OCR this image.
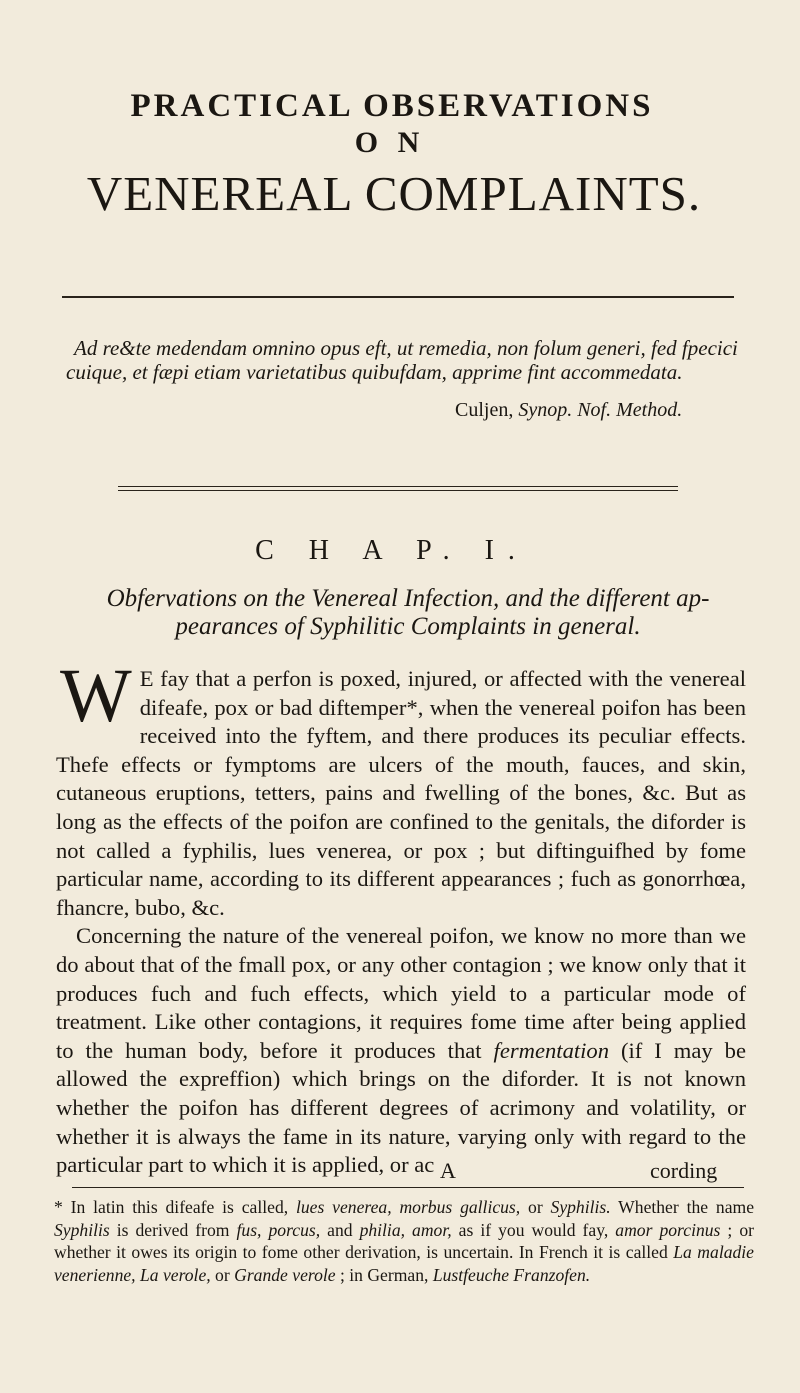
PRACTICAL OBSERVATIONS
O N
VENEREAL COMPLAINTS.
Ad re&te medendam omnino opus eft, ut remedia, non folum generi, fed fpecici cuique, et fæpi etiam varietatibus quibufdam, apprime fint accommedata.
Culjen, Synop. Nof. Method.
C H A P. I.
Obfervations on the Venereal Infection, and the different appearances of Syphilitic Complaints in general.

W E fay that a perfon is poxed, injured, or affected with the venereal difeafe, pox or bad diftemper*, when the venereal poifon has been received into the fyftem, and there produces its peculiar effects. Thefe effects or fymptoms are ulcers of the mouth, fauces, and skin, cutaneous eruptions, tetters, pains and fwelling of the bones, &c. But as long as the effects of the poifon are confined to the genitals, the diforder is not called a fyphilis, lues venerea, or pox ; but diftinguifhed by fome particular name, according to its different appearances ; fuch as gonorrhœa, fhancre, bubo, &c.

Concerning the nature of the venereal poifon, we know no more than we do about that of the fmall pox, or any other contagion ; we know only that it produces fuch and fuch effects, which yield to a particular mode of treatment. Like other contagions, it requires fome time after being applied to the human body, before it produces that fermentation (if I may be allowed the expreffion) which brings on the diforder. It is not known whether the poifon has different degrees of acrimony and volatility, or whether it is always the fame in its nature, varying only with regard to the particular part to which it is applied, or ac A	cording

* In latin this difeafe is called, lues venerea, morbus gallicus, or Syphilis. Whether the name Syphilis is derived from fus, porcus, and philia, amor, as if you would fay, amor porcinus ; or whether it owes its origin to fome other derivation, is uncertain. In French it is called La maladie venerienne, La verole, or Grande verole ; in German, Lustfeuche Franzofen.
